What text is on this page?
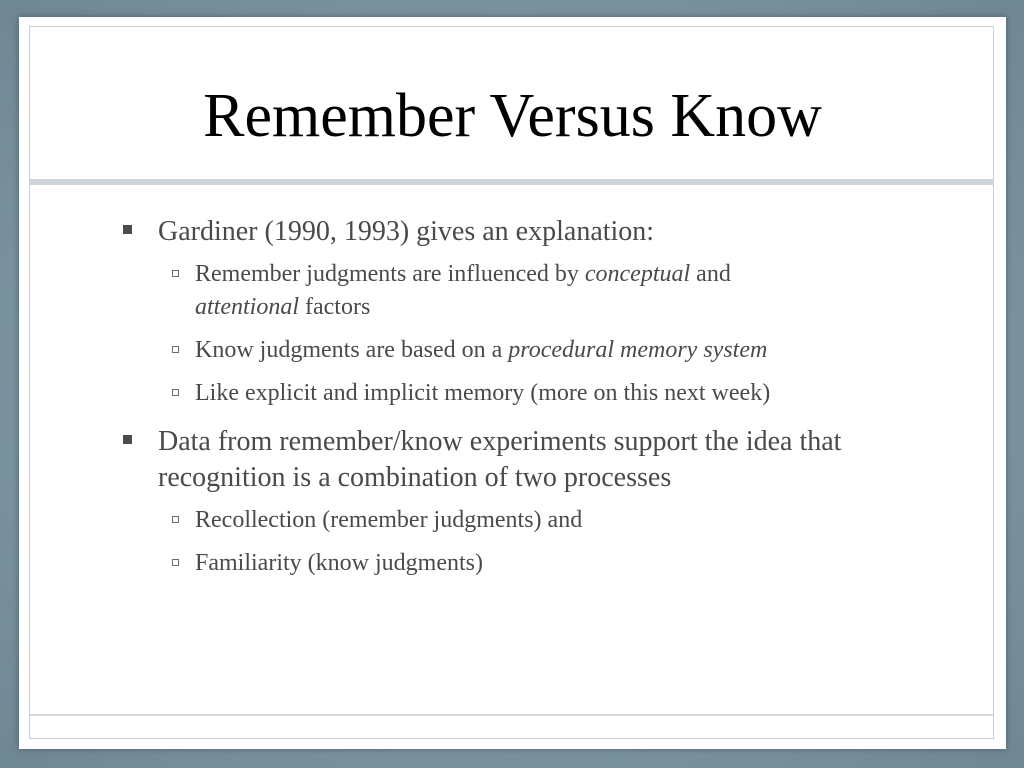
Remember Versus Know
Gardiner (1990, 1993) gives an explanation:
Remember judgments are influenced by conceptual and
attentional factors
Know judgments are based on a procedural memory system
Like explicit and implicit memory (more on this next week)
Data from remember/know experiments support the idea that recognition is a combination of two processes
Recollection (remember judgments) and
Familiarity (know judgments)
